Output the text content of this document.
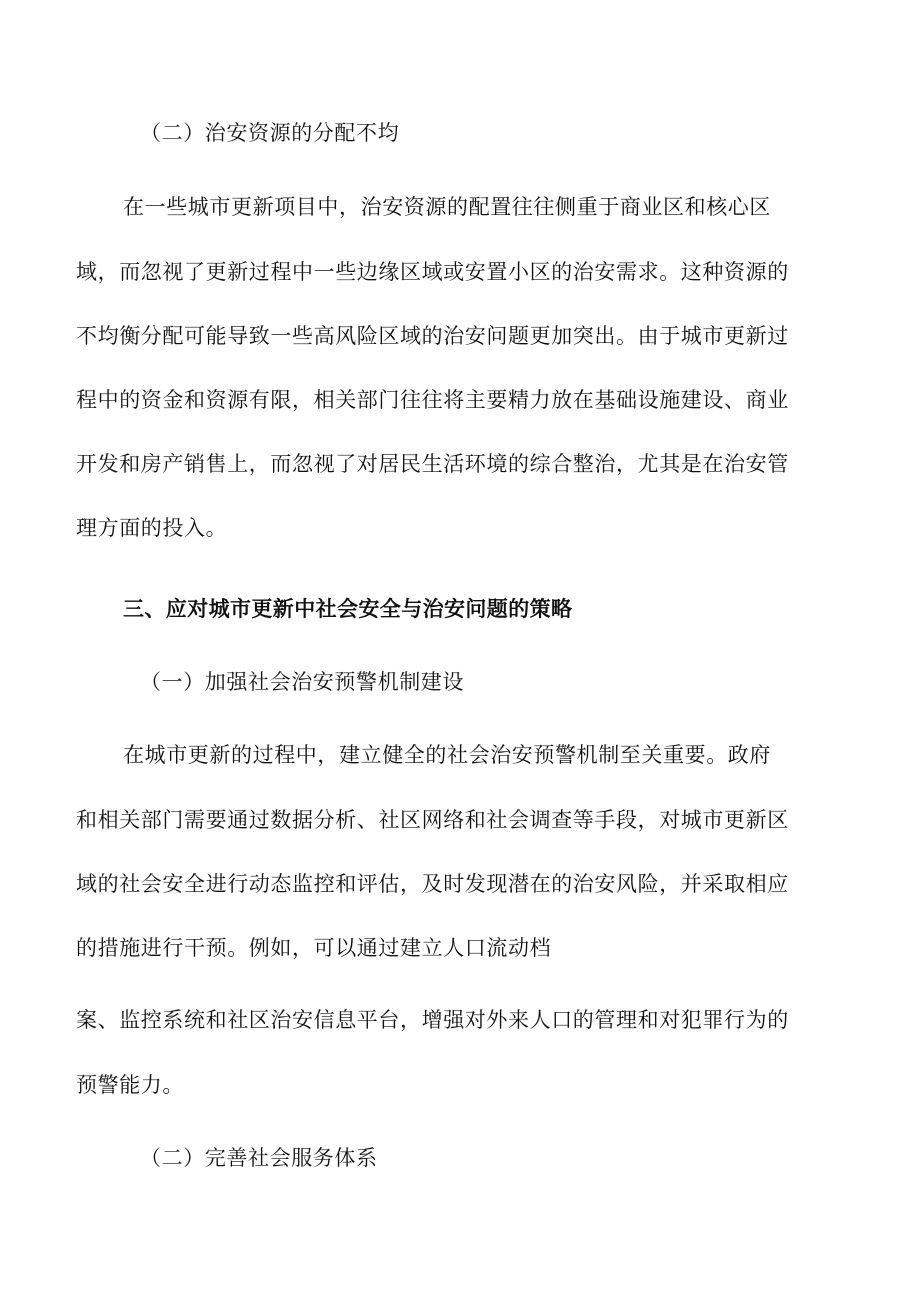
（二）治安资源的分配不均
在一些城市更新项目中，治安资源的配置往往侧重于商业区和核心区
域，而忽视了更新过程中一些边缘区域或安置小区的治安需求。这种资源的
不均衡分配可能导致一些高风险区域的治安问题更加突出。由于城市更新过
程中的资金和资源有限，相关部门往往将主要精力放在基础设施建设、商业
开发和房产销售上，而忽视了对居民生活环境的综合整治，尤其是在治安管
理方面的投入。
三、应对城市更新中社会安全与治安问题的策略
（一）加强社会治安预警机制建设
在城市更新的过程中，建立健全的社会治安预警机制至关重要。政府
和相关部门需要通过数据分析、社区网络和社会调查等手段，对城市更新区
域的社会安全进行动态监控和评估，及时发现潜在的治安风险，并采取相应
的措施进行干预。例如，可以通过建立人口流动档
案、监控系统和社区治安信息平台，增强对外来人口的管理和对犯罪行为的
预警能力。
（二）完善社会服务体系
